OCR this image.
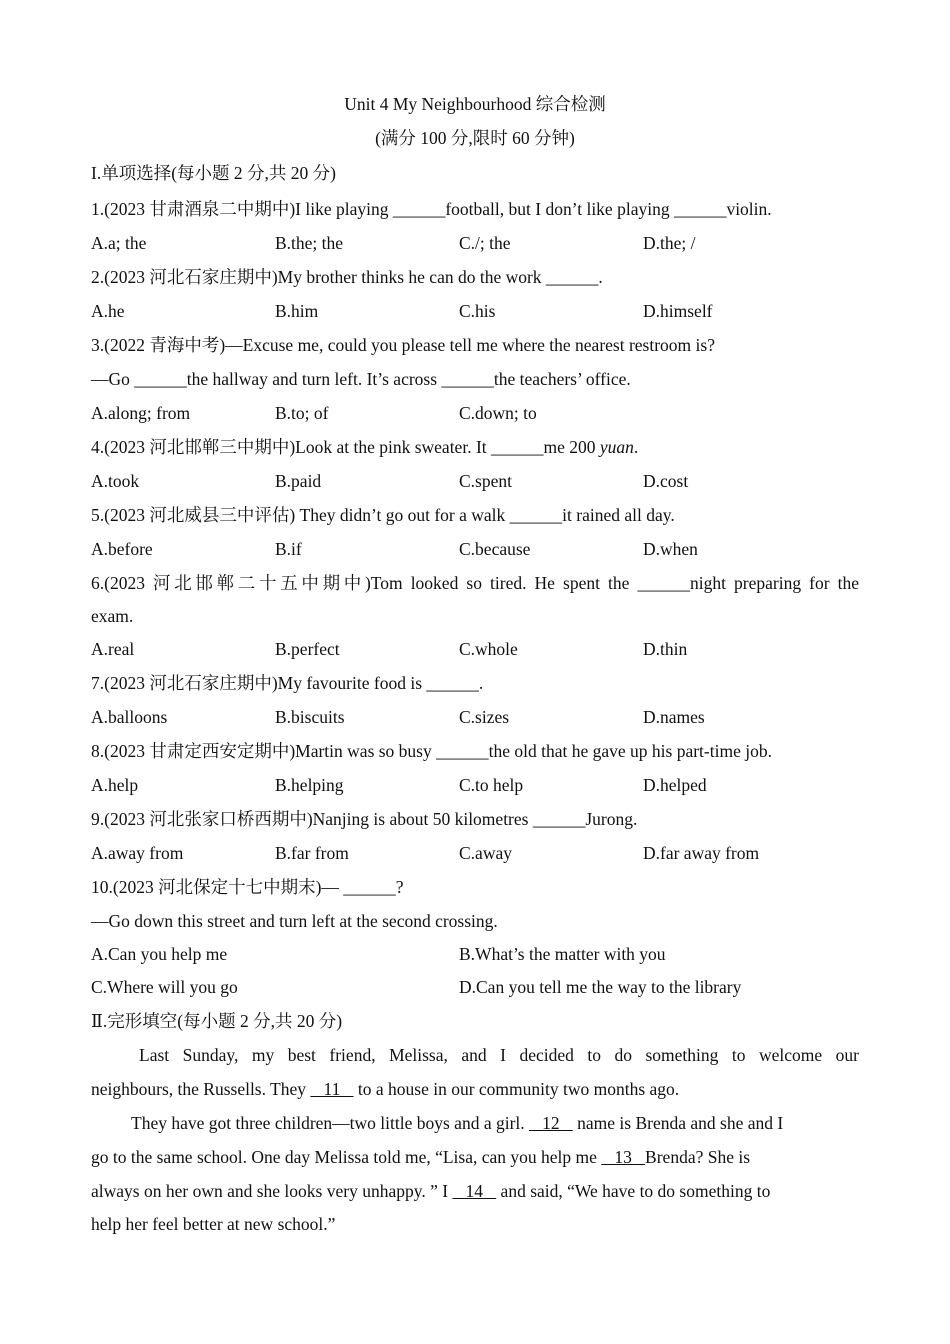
Unit 4 My Neighbourhood 综合检测
(满分 100 分,限时 60 分钟)
I.单项选择(每小题 2 分,共 20 分)
1.(2023 甘肃酒泉二中期中)I like playing ______football, but I don’t like playing ______violin.
A.a; the	B.the; the	C./; the	D.the; /
2.(2023 河北石家庄期中)My brother thinks he can do the work ______.
A.he	B.him	C.his	D.himself
3.(2022 青海中考)—Excuse me, could you please tell me where the nearest restroom is?
—Go ______the hallway and turn left. It’s across ______the teachers’ office.
A.along; from	B.to; of	C.down; to
4.(2023 河北邯郸三中期中)Look at the pink sweater. It ______me 200 yuan.
A.took	B.paid	C.spent	D.cost
5.(2023 河北威县三中评估) They didn’t go out for a walk ______it rained all day.
A.before	B.if	C.because	D.when
6.(2023 河北邯郸二十五中期中)Tom looked so tired. He spent the ______night preparing for the
exam.
A.real	B.perfect	C.whole	D.thin
7.(2023 河北石家庄期中)My favourite food is ______.
A.balloons	B.biscuits	C.sizes	D.names
8.(2023 甘肃定西安定期中)Martin was so busy ______the old that he gave up his part-time job.
A.help	B.helping	C.to help	D.helped
9.(2023 河北张家口桥西期中)Nanjing is about 50 kilometres ______Jurong.
A.away from	B.far from	C.away	D.far away from
10.(2023 河北保定十七中期末)— ______?
—Go down this street and turn left at the second crossing.
A.Can you help me	B.What’s the matter with you
C.Where will you go	D.Can you tell me the way to the library
Ⅱ.完形填空(每小题 2 分,共 20 分)
Last Sunday, my best friend, Melissa, and I decided to do something to welcome our
neighbours, the Russells. They    11    to a house in our community two months ago.
They have got three children—two little boys and a girl.    12    name is Brenda and she and I
go to the same school. One day Melissa told me, “Lisa, can you help me    13   Brenda? She is
always on her own and she looks very unhappy. ” I    14    and said, “We have to do something to
help her feel better at new school.”
